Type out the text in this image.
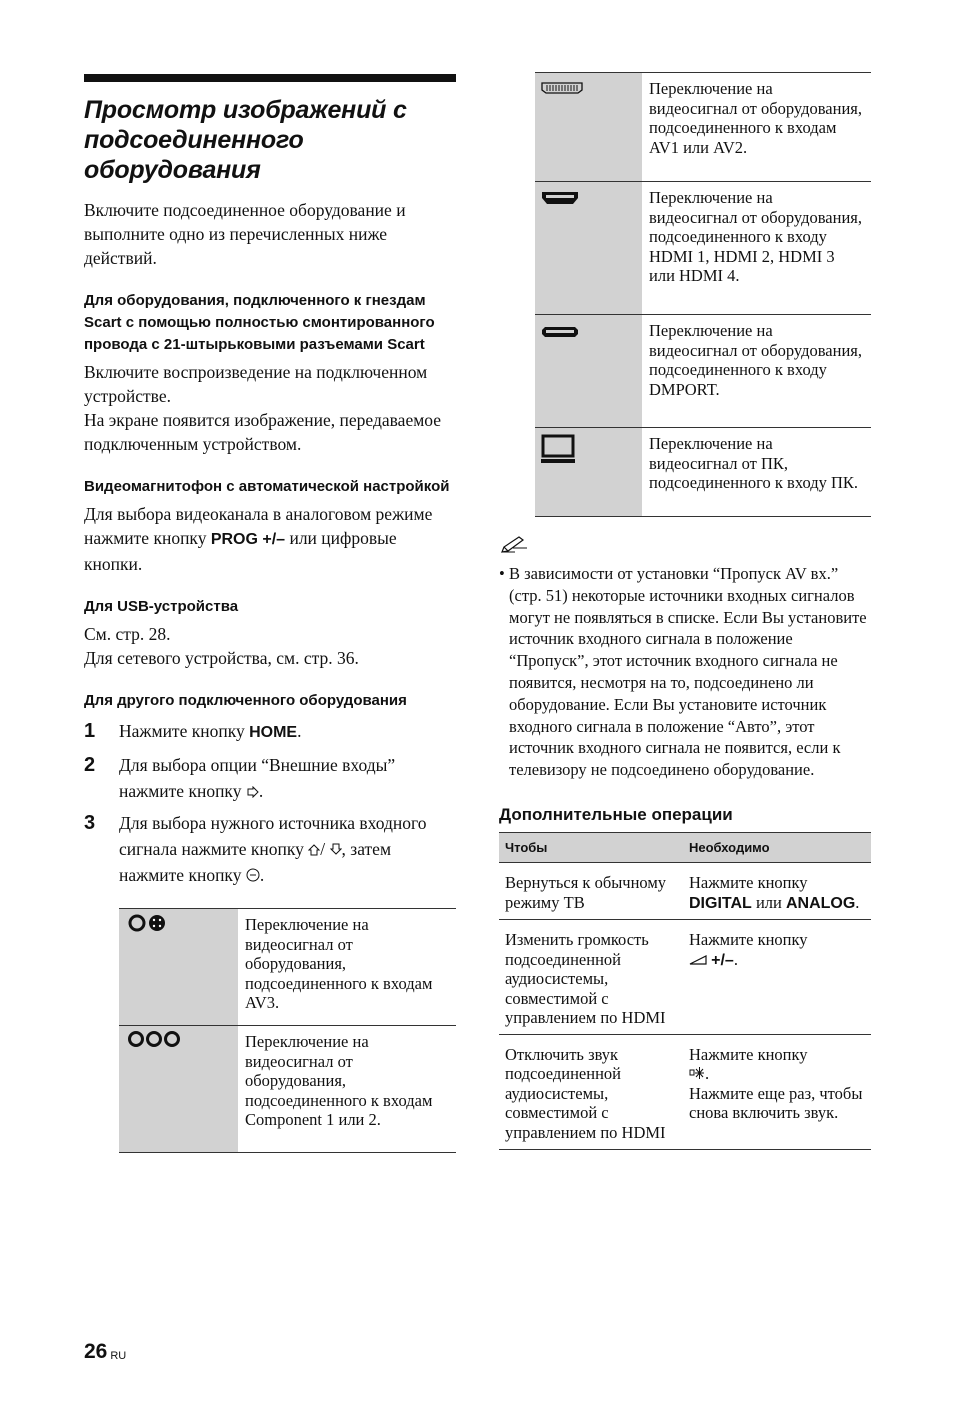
Просмотр изображений с подсоединенного оборудования

Включите подсоединенное оборудование и выполните одно из перечисленных ниже действий.

Для оборудования, подключенного к гнездам Scart с помощью полностью смонтированного провода с 21-штырьковыми разъемами Scart

Включите воспроизведение на подключенном устройстве.

На экране появится изображение, передаваемое подключенным устройством.

Видеомагнитофон с автоматической настройкой

Для выбора видеоканала в аналоговом режиме нажмите кнопку PROG +/– или цифровые кнопки.

Для USB-устройства

См. стр. 28.

Для сетевого устройства, см. стр. 36.

Для другого подключенного оборудования
1	Нажмите кнопку HOME.
2	Для выбора опции “Внешние входы” нажмите кнопку .
3	Для выбора нужного источника входного сигнала нажмите кнопку / , затем нажмите кнопку .
	Переключение на видеосигнал от оборудования, подсоединенного к входам AV3.
	Переключение на видеосигнал от оборудования, подсоединенного к входам Component 1 или 2.
	Переключение на видеосигнал от оборудования, подсоединенного к входам AV1 или AV2.
	Переключение на видеосигнал от оборудования, подсоединенного к входу HDMI 1, HDMI 2, HDMI 3 или HDMI 4.
	Переключение на видеосигнал от оборудования, подсоединенного к входу DMPORT.
	Переключение на видеосигнал от ПК, подсоединенного к входу ПК.
• В зависимости от установки “Пропуск AV вх.” (стр. 51) некоторые источники входных сигналов могут не появляться в списке. Если Вы установите источник входного сигнала в положение “Пропуск”, этот источник входного сигнала не появится, несмотря на то, подсоединено ли оборудование. Если Вы установите источник входного сигнала в положение “Авто”, этот источник входного сигнала не появится, если к телевизору не подсоединено оборудование.
Дополнительные операции
Чтобы	Необходимо
Вернуться к обычному режиму ТВ	Нажмите кнопку DIGITAL или ANALOG.
Изменить громкость подсоединенной аудиосистемы, совместимой с управлением по HDMI	Нажмите кнопку
+/–.
Отключить звук подсоединенной аудиосистемы, совместимой с управлением по HDMI	Нажмите кнопку
.
Нажмите еще раз, чтобы снова включить звук.
26 $^{RU}$
